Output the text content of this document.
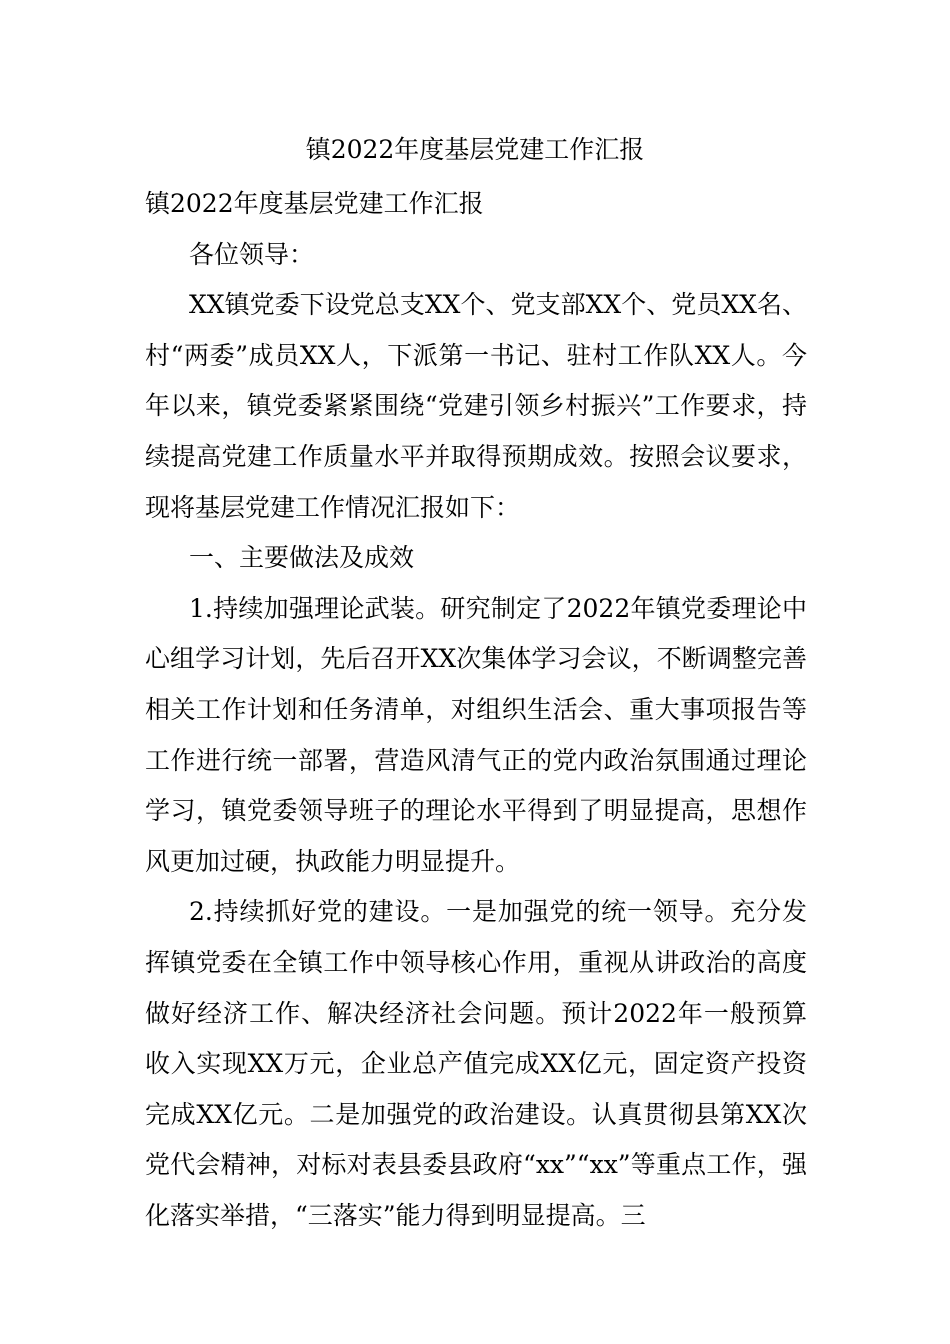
镇2022年度基层党建工作汇报

镇2022年度基层党建工作汇报

各位领导：

XX镇党委下设党总支XX个、党支部XX个、党员XX名、村“两委”成员XX人，下派第一书记、驻村工作队XX人。今年以来，镇党委紧紧围绕“党建引领乡村振兴”工作要求，持续提高党建工作质量水平并取得预期成效。按照会议要求，现将基层党建工作情况汇报如下：

一、主要做法及成效

1.持续加强理论武装。研究制定了2022年镇党委理论中心组学习计划，先后召开XX次集体学习会议，不断调整完善相关工作计划和任务清单，对组织生活会、重大事项报告等工作进行统一部署，营造风清气正的党内政治氛围通过理论学习，镇党委领导班子的理论水平得到了明显提高，思想作风更加过硬，执政能力明显提升。

2.持续抓好党的建设。一是加强党的统一领导。充分发挥镇党委在全镇工作中领导核心作用，重视从讲政治的高度做好经济工作、解决经济社会问题。预计2022年一般预算收入实现XX万元，企业总产值完成XX亿元，固定资产投资完成XX亿元。二是加强党的政治建设。认真贯彻县第XX次党代会精神，对标对表县委县政府“xx”“xx”等重点工作，强化落实举措，“三落实”能力得到明显提高。三
